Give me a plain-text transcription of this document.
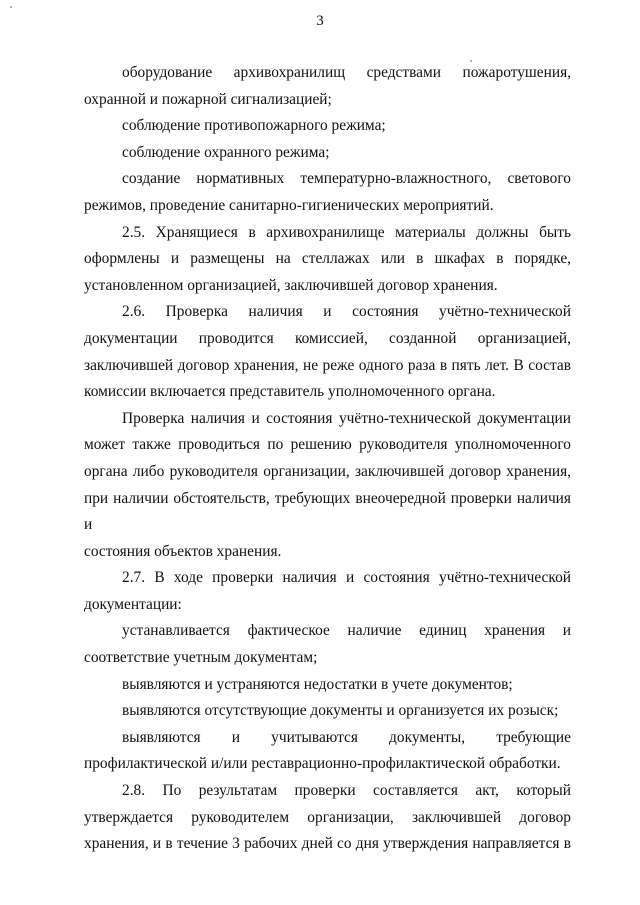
3
оборудование архивохранилищ средствами пожаротушения,
охранной и пожарной сигнализацией;
соблюдение противопожарного режима;
соблюдение охранного режима;
создание нормативных температурно-влажностного, светового
режимов, проведение санитарно-гигиенических мероприятий.
2.5. Хранящиеся в архивохранилище материалы должны быть
оформлены и размещены на стеллажах или в шкафах в порядке,
установленном организацией, заключившей договор хранения.
2.6. Проверка наличия и состояния учётно-технической
документации проводится комиссией, созданной организацией,
заключившей договор хранения, не реже одного раза в пять лет. В состав
комиссии включается представитель уполномоченного органа.
Проверка наличия и состояния учётно-технической документации
может также проводиться по решению руководителя уполномоченного
органа либо руководителя организации, заключившей договор хранения,
при наличии обстоятельств, требующих внеочередной проверки наличия и
состояния объектов хранения.
2.7. В ходе проверки наличия и состояния учётно-технической
документации:
устанавливается фактическое наличие единиц хранения и
соответствие учетным документам;
выявляются и устраняются недостатки в учете документов;
выявляются отсутствующие документы и организуется их розыск;
выявляются и учитываются документы, требующие
профилактической и/или реставрационно-профилактической обработки.
2.8. По результатам проверки составляется акт, который
утверждается руководителем организации, заключившей договор
хранения, и в течение 3 рабочих дней со дня утверждения направляется в
